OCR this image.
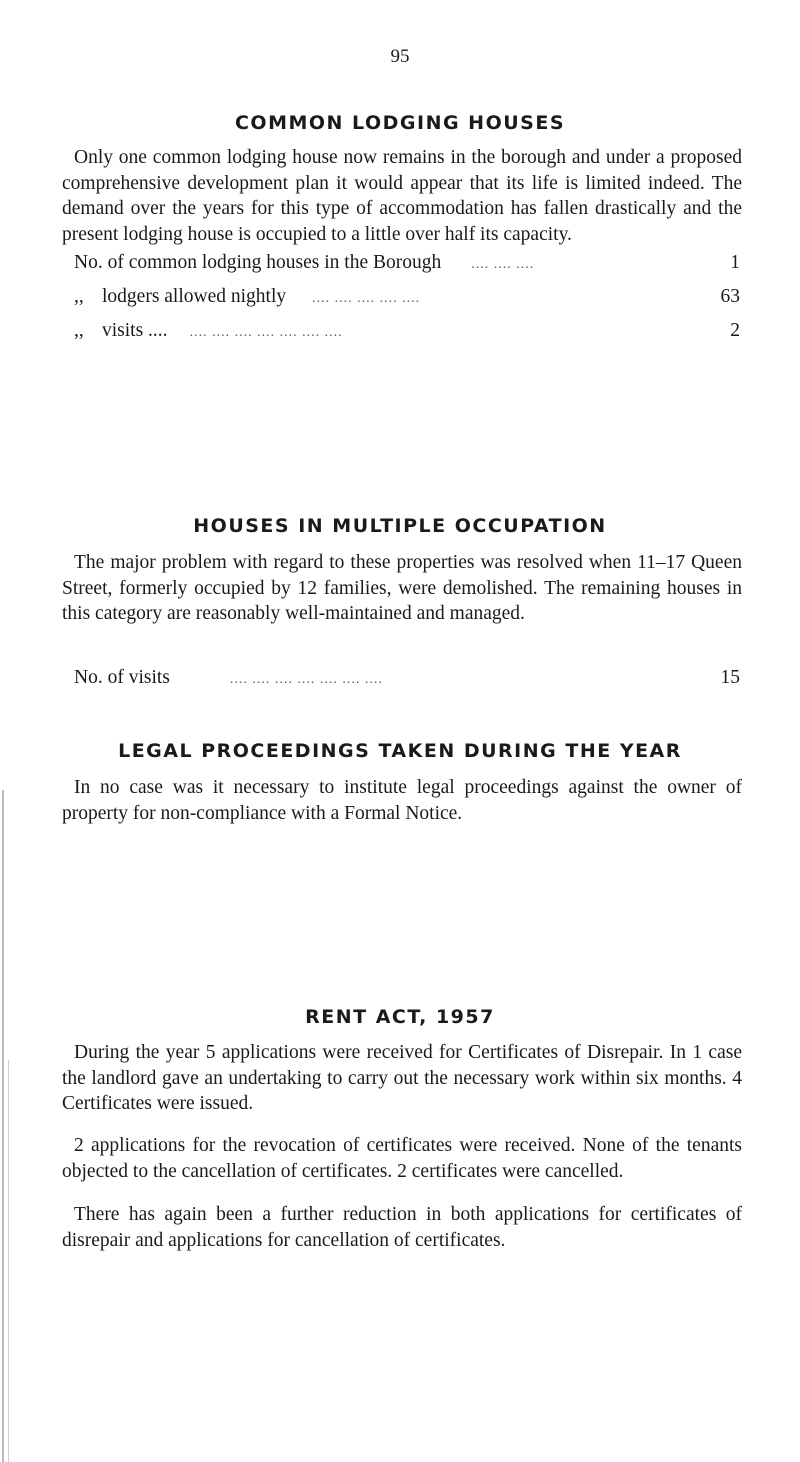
95
COMMON LODGING HOUSES

Only one common lodging house now remains in the borough and under a proposed comprehensive development plan it would appear that its life is limited indeed. The demand over the years for this type of accommodation has fallen drastically and the present lodging house is occupied to a little over half its capacity.

No. of common lodging houses in the Borough	.... .... ....	1
,, lodgers allowed nightly	.... .... .... .... ....	63
,, visits ....	.... .... .... .... .... .... ....	2
HOUSES IN MULTIPLE OCCUPATION

The major problem with regard to these properties was resolved when 11–17 Queen Street, formerly occupied by 12 families, were demolished. The remaining houses in this category are reasonably well-maintained and managed.

No. of visits	.... .... .... .... .... .... ....	15
LEGAL PROCEEDINGS TAKEN DURING THE YEAR

In no case was it necessary to institute legal proceedings against the owner of property for non-compliance with a Formal Notice.

RENT ACT, 1957

During the year 5 applications were received for Certificates of Disrepair. In 1 case the landlord gave an undertaking to carry out the necessary work within six months. 4 Certificates were issued.

2 applications for the revocation of certificates were received. None of the tenants objected to the cancellation of certificates. 2 certificates were cancelled.

There has again been a further reduction in both applications for certificates of disrepair and applications for cancellation of certificates.
